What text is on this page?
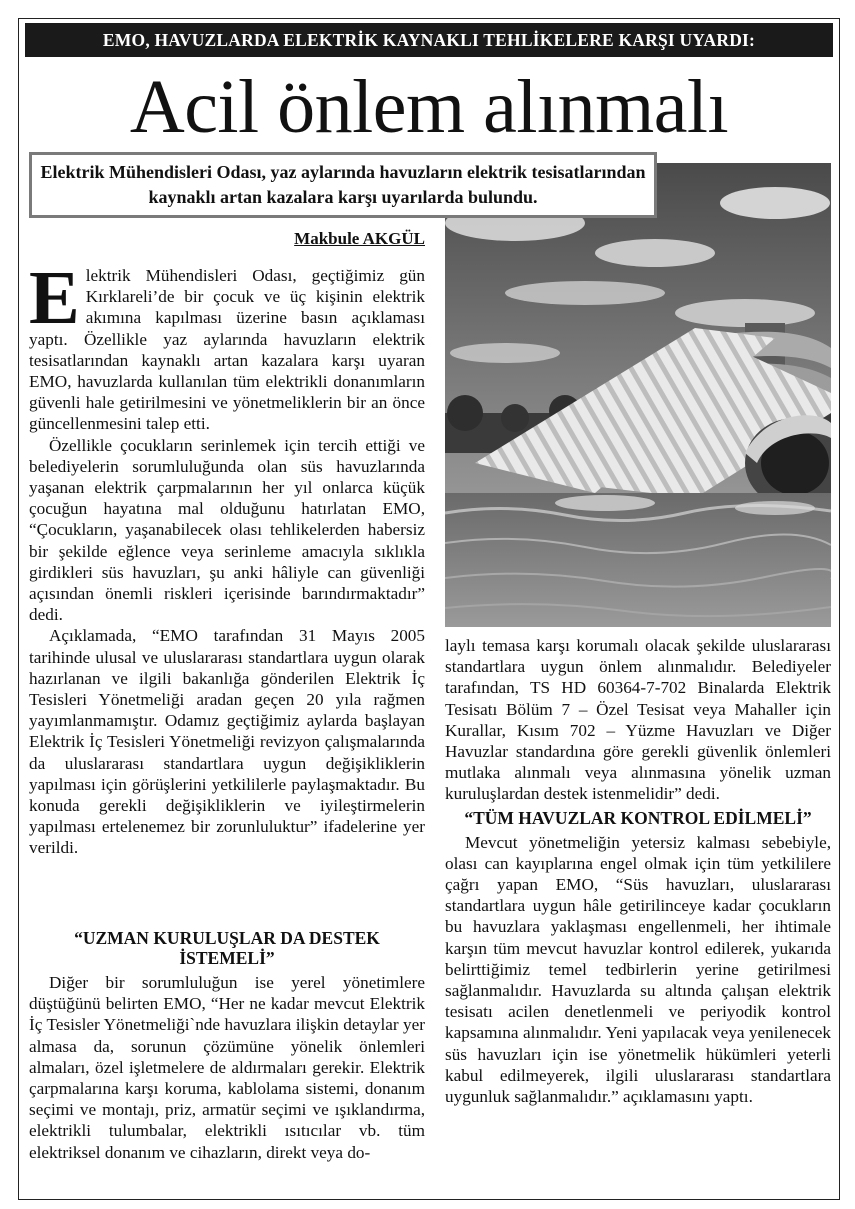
EMO, HAVUZLARDA ELEKTRİK KAYNAKLI TEHLİKELERE KARŞI UYARDI:
Acil önlem alınmalı
Elektrik Mühendisleri Odası, yaz aylarında havuzların elektrik tesisatlarından kaynaklı artan kazalara karşı uyarılarda bulundu.
Makbule AKGÜL
E lektrik Mühendisleri Odası, geçtiğimiz gün Kırklareli’de bir çocuk ve üç kişinin elektrik akımına kapılması üzerine basın açıklaması yaptı. Özellikle yaz aylarında havuzların elektrik tesisatlarından kaynaklı artan kazalara karşı uyaran EMO, havuzlarda kullanılan tüm elektrikli donanımların güvenli hale getirilmesini ve yönetmeliklerin bir an önce güncellenmesini talep etti.

Özellikle çocukların serinlemek için tercih ettiği ve belediyelerin sorumluluğunda olan süs havuzlarında yaşanan elektrik çarpmalarının her yıl onlarca küçük çocuğun hayatına mal olduğunu hatırlatan EMO, “Çocukların, yaşanabilecek olası tehlikelerden habersiz bir şekilde eğlence veya serinleme amacıyla sıklıkla girdikleri süs havuzları, şu anki hâliyle can güvenliği açısından önemli riskleri içerisinde barındırmaktadır” dedi.

Açıklamada, “EMO tarafından 31 Mayıs 2005 tarihinde ulusal ve uluslararası standartlara uygun olarak hazırlanan ve ilgili bakanlığa gönderilen Elektrik İç Tesisleri Yönetmeliği aradan geçen 20 yıla rağmen yayımlanmamıştır. Odamız geçtiğimiz aylarda başlayan Elektrik İç Tesisleri Yönetmeliği revizyon çalışmalarında da uluslararası standartlara uygun değişikliklerin yapılması için görüşlerini yetkililerle paylaşmaktadır. Bu konuda gerekli değişikliklerin ve iyileştirmelerin yapılması ertelenemez bir zorunluluktur” ifadelerine yer verildi.

“UZMAN KURULUŞLAR DA DESTEK İSTEMELİ”

Diğer bir sorumluluğun ise yerel yönetimlere düştüğünü belirten EMO, “Her ne kadar mevcut Elektrik İç Tesisler Yönetmeliği`nde havuzlara ilişkin detaylar yer almasa da, sorunun çözümüne yönelik önlemleri almaları, özel işletmelere de aldırmaları gerekir. Elektrik çarpmalarına karşı koruma, kablolama sistemi, donanım seçimi ve montajı, priz, armatür seçimi ve ışıklandırma, elektrikli tulumbalar, elektrikli ısıtıcılar vb. tüm elektriksel donanım ve cihazların, direkt veya do-

laylı temasa karşı korumalı olacak şekilde uluslararası standartlara uygun önlem alınmalıdır. Belediyeler tarafından, TS HD 60364-7-702 Binalarda Elektrik Tesisatı Bölüm 7 – Özel Tesisat veya Mahaller için Kurallar, Kısım 702 – Yüzme Havuzları ve Diğer Havuzlar standardına göre gerekli güvenlik önlemleri mutlaka alınmalı veya alınmasına yönelik uzman kuruluşlardan destek istenmelidir” dedi.

“TÜM HAVUZLAR KONTROL EDİLMELİ”

Mevcut yönetmeliğin yetersiz kalması sebebiyle, olası can kayıplarına engel olmak için tüm yetkililere çağrı yapan EMO, “Süs havuzları, uluslararası standartlara uygun hâle getirilinceye kadar çocukların bu havuzlara yaklaşması engellenmeli, her ihtimale karşın tüm mevcut havuzlar kontrol edilerek, yukarıda belirttiğimiz temel tedbirlerin yerine getirilmesi sağlanmalıdır. Havuzlarda su altında çalışan elektrik tesisatı acilen denetlenmeli ve periyodik kontrol kapsamına alınmalıdır. Yeni yapılacak veya yenilenecek süs havuzları için ise yönetmelik hükümleri yeterli kabul edilmeyerek, ilgili uluslararası standartlara uygunluk sağlanmalıdır.” açıklamasını yaptı.
